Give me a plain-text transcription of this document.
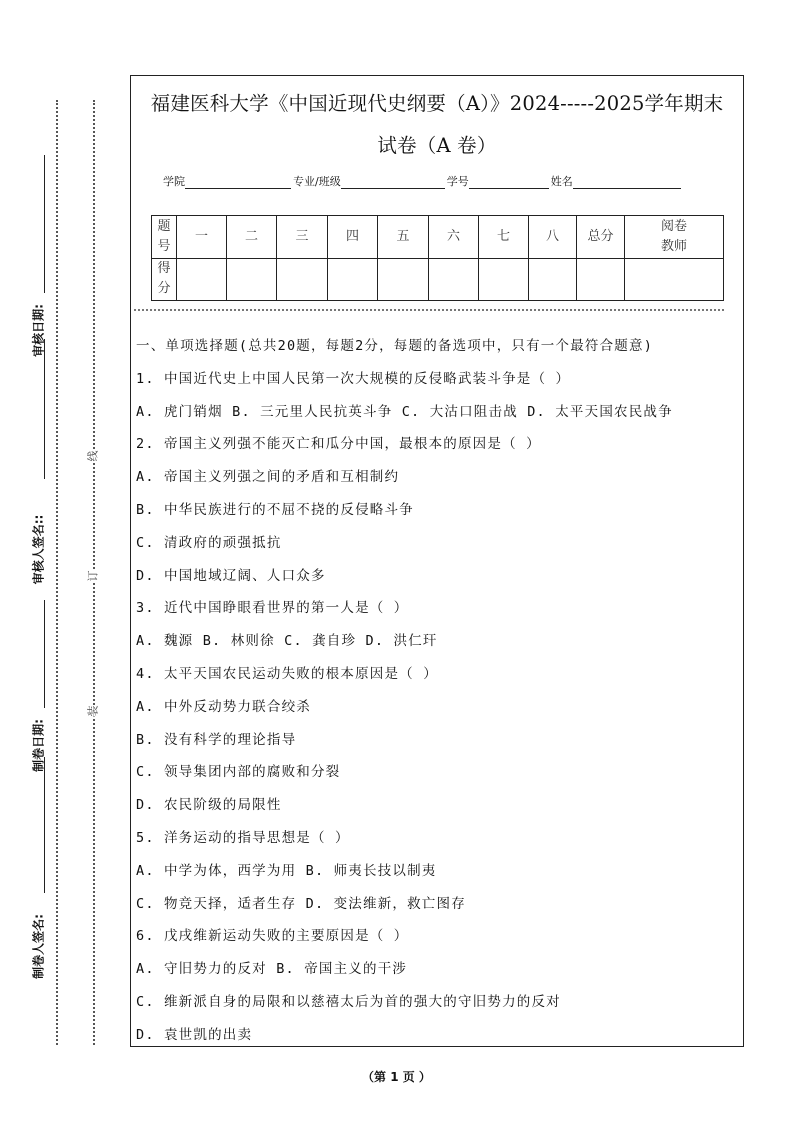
审核日期:
审核人签名::
制卷日期:
制卷人签名:
线
订
装
福建医科大学《中国近现代史纲要（A）》2024-----2025学年期末
试卷（A 卷）
学院	专业/班级	学号	姓名
题
号	一	二	三	四	五	六	七	八	总分	阅卷
教师
得
分										
一、单项选择题(总共20题，每题2分，每题的备选项中，只有一个最符合题意)
1. 中国近代史上中国人民第一次大规模的反侵略武装斗争是（ ）
A. 虎门销烟 B. 三元里人民抗英斗争 C. 大沽口阻击战 D. 太平天国农民战争
2. 帝国主义列强不能灭亡和瓜分中国，最根本的原因是（ ）
A. 帝国主义列强之间的矛盾和互相制约
B. 中华民族进行的不屈不挠的反侵略斗争
C. 清政府的顽强抵抗
D. 中国地域辽阔、人口众多
3. 近代中国睁眼看世界的第一人是（ ）
A. 魏源 B. 林则徐 C. 龚自珍 D. 洪仁玕
4. 太平天国农民运动失败的根本原因是（ ）
A. 中外反动势力联合绞杀
B. 没有科学的理论指导
C. 领导集团内部的腐败和分裂
D. 农民阶级的局限性
5. 洋务运动的指导思想是（ ）
A. 中学为体，西学为用 B. 师夷长技以制夷
C. 物竞天择，适者生存 D. 变法维新，救亡图存
6. 戊戌维新运动失败的主要原因是（ ）
A. 守旧势力的反对 B. 帝国主义的干涉
C. 维新派自身的局限和以慈禧太后为首的强大的守旧势力的反对
D. 袁世凯的出卖
（第 1 页 ）
